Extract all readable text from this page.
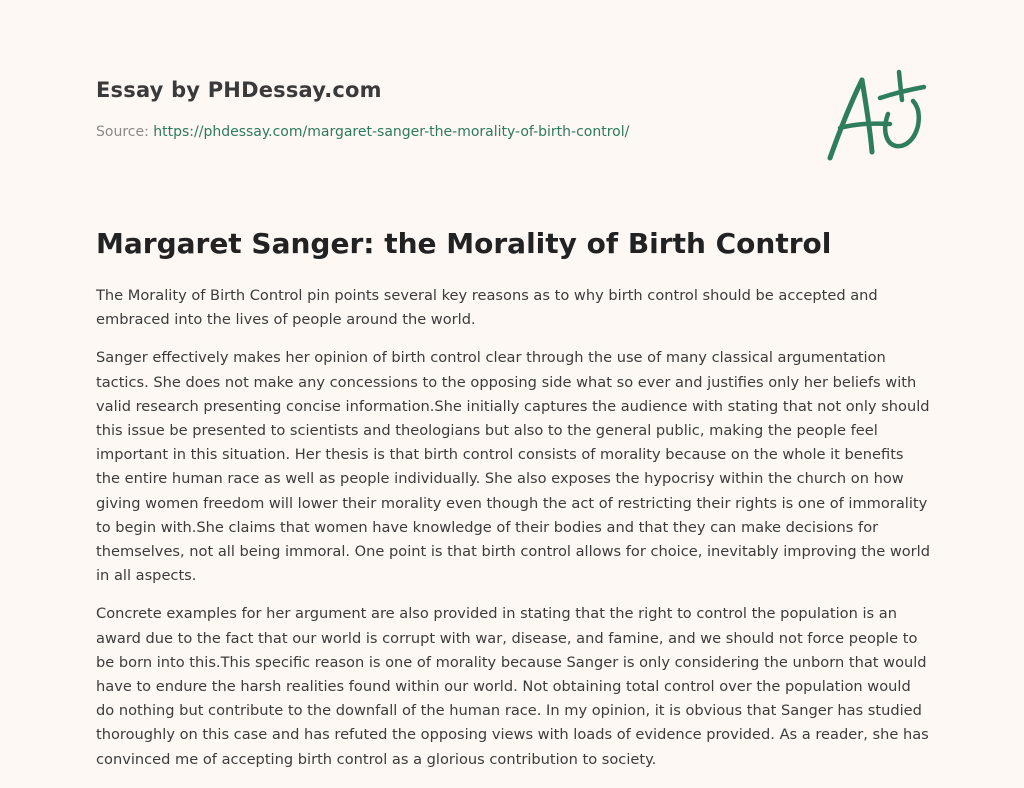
Essay by PHDessay.com
Source: https://phdessay.com/margaret-sanger-the-morality-of-birth-control/
Margaret Sanger: the Morality of Birth Control

The Morality of Birth Control pin points several key reasons as to why birth control should be accepted and embraced into the lives of people around the world.

Sanger effectively makes her opinion of birth control clear through the use of many classical argumentation tactics. She does not make any concessions to the opposing side what so ever and justifies only her beliefs with valid research presenting concise information.She initially captures the audience with stating that not only should this issue be presented to scientists and theologians but also to the general public, making the people feel important in this situation. Her thesis is that birth control consists of morality because on the whole it benefits the entire human race as well as people individually. She also exposes the hypocrisy within the church on how giving women freedom will lower their morality even though the act of restricting their rights is one of immorality to begin with.She claims that women have knowledge of their bodies and that they can make decisions for themselves, not all being immoral. One point is that birth control allows for choice, inevitably improving the world in all aspects.

Concrete examples for her argument are also provided in stating that the right to control the population is an award due to the fact that our world is corrupt with war, disease, and famine, and we should not force people to be born into this.This specific reason is one of morality because Sanger is only considering the unborn that would have to endure the harsh realities found within our world. Not obtaining total control over the population would do nothing but contribute to the downfall of the human race. In my opinion, it is obvious that Sanger has studied thoroughly on this case and has refuted the opposing views with loads of evidence provided. As a reader, she has convinced me of accepting birth control as a glorious contribution to society.
